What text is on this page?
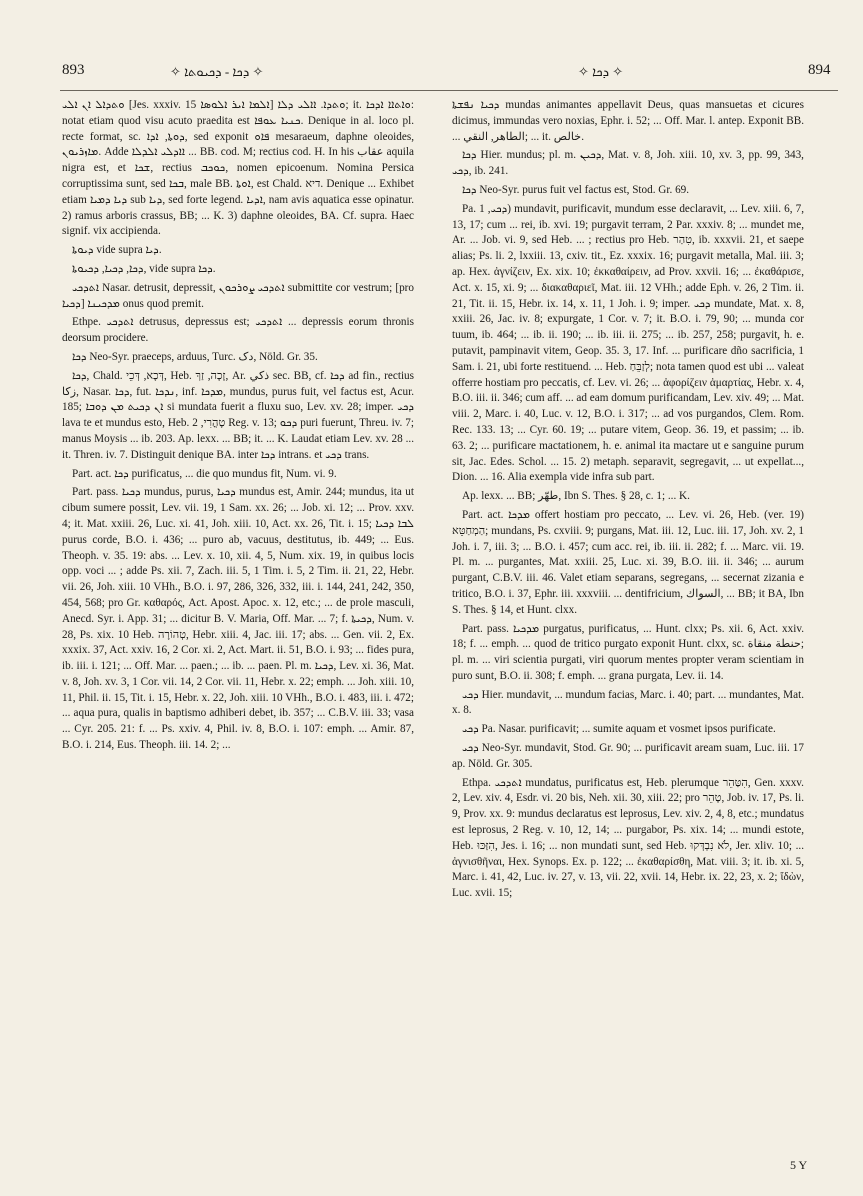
893	✧ ܕܟܐ - ܕܟܝܘܬܐ ✧	✧ ܕܟܐ ✧	894

ܘܬܕܐܠ ܐܢ ܐܠܝ [Jes. xxxiv. 15 ܐܠܡܐ ܐܝܪ ܐܠܘܣܐ] ܘܬܕܐ. ܐܐܠܝ ܕܠܐ; it. ܘܐܬܐܐ ܐܕܟܐ: notat etiam quod visu acuto praedita est ܟܢܝܐ ܥܘܦܐ. Denique in al. loco pl. recte format, sc. ܕܘܬܐ, ܐܕܐ, sed exponit ܦܐܘ mesaraeum, daphne oleoides, ܡܐܙܪܝܘܢ. Adde ܐܐܕܠܝ ܐܠܕܠܐ ... BB. cod. M; rectius cod. H. In his عقاب aquila nigra est, et ܫܟܐ, rectius ܟܘܟܒ, nomen epicoenum. Nomina Persica corruptissima sunt, sed ܒܟܐ, male BB. ܐܘܬܐ, est Chald. דיא. Denique ... Exhibet etiam ܕܝܐ ܕܡܝܐ sub ܕܝܐ, sed forte legend. ܐܕܝܐ, nam avis aquatica esse opinatur. 2) ramus arboris crassus, BB; ... K. 3) daphne oleoides, BA. Cf. supra. Haec signif. vix accipienda.

ܕܝܘܬܐ vide supra ܕܝܐ.

ܕܟܐ, ܕܟܝܐ, ܕܟܝܘܬܐ, vide supra ܕܟܐ.

ܐܬܕܟܝ Nasar. detrusit, depressit, ܐܬܕܟܝ ܨܘܪܟܘܢ submittite cor vestrum; [pro ܕܟܝܐ] ܡܕܟܝܢܐ onus quod premit.

Ethpe. ܐܬܕܟܝ detrusus, depressus est; ܐܬܕܟܝ ... depressis eorum thronis deorsum procidere.

ܕܟܐ Neo-Syr. praeceps, arduus, Turc. دک, Nöld. Gr. 35.

ܕܟܐ, Chald. דְּכָא, דְּכֵי, Heb. זָכָה, זַךְ, Ar. ذكي sec. BB, cf. ܕܟܐ ad fin., rectius زكا, Nasar. ܕܟܐ, fut. ܢܕܟܐ, inf. ܡܕܟܐ, mundus, purus fuit, vel factus est, Acur. 185; ܐܢ ܕܟܝܬ ܡܢ ܕܘܒܐ si mundata fuerit a fluxu suo, Lev. xv. 28; imper. ܕܟܝ lava te et mundus esto, Heb. טָהֳרִי, 2 Reg. v. 13; ܕܟܘ puri fuerunt, Threu. iv. 7; manus Moysis ... ib. 203. Ap. lexx. ... BB; it. ... K. Laudat etiam Lev. xv. 28 ... it. Thren. iv. 7. Distinguit denique BA. inter ܕܟܐ intrans. et ܕܟܝ trans.

Part. act. ܕܟܐ purificatus, ... die quo mundus fit, Num. vi. 9.

Part. pass. ܕܟܝܐ mundus, purus, ܕܟܝܐ mundus est, Amir. 244; mundus, ita ut cibum sumere possit, Lev. vii. 19, 1 Sam. xx. 26; ... Job. xi. 12; ... Prov. xxv. 4; it. Mat. xxiii. 26, Luc. xi. 41, Joh. xiii. 10, Act. xx. 26, Tit. i. 15; ܠܒܐ ܕܟܝܐ purus corde, B.O. i. 436; ... puro ab, vacuus, destitutus, ib. 449; ... Eus. Theoph. v. 35. 19: abs. ... Lev. x. 10, xii. 4, 5, Num. xix. 19, in quibus locis opp. voci ... ; adde Ps. xii. 7, Zach. iii. 5, 1 Tim. i. 5, 2 Tim. ii. 21, 22, Hebr. vii. 26, Joh. xiii. 10 VHh., B.O. i. 97, 286, 326, 332, iii. i. 144, 241, 242, 350, 454, 568; pro Gr. καθαρός, Act. Apost. Apoc. x. 12, etc.; ... de prole masculi, Anecd. Syr. i. App. 31; ... dicitur B. V. Maria, Off. Mar. ... 7; f. ܕܟܝܬܐ, Num. v. 28, Ps. xix. 10 Heb. טְהוֹרָה, Hebr. xiii. 4, Jac. iii. 17; abs. ... Gen. vii. 2, Ex. xxxix. 37, Act. xxiv. 16, 2 Cor. xi. 2, Act. Mart. ii. 51, B.O. i. 93; ... fides pura, ib. iii. i. 121; ... Off. Mar. ... paen.; ... ib. ... paen. Pl. m. ܕܟܝܐ, Lev. xi. 36, Mat. v. 8, Joh. xv. 3, 1 Cor. vii. 14, 2 Cor. vii. 11, Hebr. x. 22; emph. ... Joh. xiii. 10, 11, Phil. ii. 15, Tit. i. 15, Hebr. x. 22, Joh. xiii. 10 VHh., B.O. i. 483, iii. i. 472; ... aqua pura, qualis in baptismo adhiberi debet, ib. 357; ... C.B.V. iii. 33; vasa ... Cyr. 205. 21: f. ... Ps. xxiv. 4, Phil. iv. 8, B.O. i. 107: emph. ... Amir. 87, B.O. i. 214, Eus. Theoph. iii. 14. 2; ...

ܕܟܝܐ ܢܦܫܬܐ mundas animantes appellavit Deus, quas mansuetas et cicures dicimus, immundas vero noxias, Ephr. i. 52; ... Off. Mar. l. antep. Exponit BB. ... الطاهر, النقي; ... it. خالص.

ܕܟܐ Hier. mundus; pl. m. ܕܟܝܢ, Mat. v. 8, Joh. xiii. 10, xv. 3, pp. 99, 343, ܕܟܝ, ib. 241.

ܕܟܐ Neo-Syr. purus fuit vel factus est, Stod. Gr. 69.

Pa. ܕܟܝ, 1) mundavit, purificavit, mundum esse declaravit, ... Lev. xiii. 6, 7, 13, 17; cum ... rei, ib. xvi. 19; purgavit terram, 2 Par. xxxiv. 8; ... mundet me, Ar. ... Job. vi. 9, sed Heb. ... ; rectius pro Heb. טִהַר, ib. xxxvii. 21, et saepe alias; Ps. li. 2, lxxiii. 13, cxiv. tit., Ez. xxxix. 16; purgavit metalla, Mal. iii. 3; ap. Hex. ἁγνίζειν, Ex. xix. 10; ἐκκαθαίρειν, ad Prov. xxvii. 16; ... ἐκαθάρισε, Act. x. 15, xi. 9; ... διακαθαριεῖ, Mat. iii. 12 VHh.; adde Eph. v. 26, 2 Tim. ii. 21, Tit. ii. 15, Hebr. ix. 14, x. 11, 1 Joh. i. 9; imper. ܕܟܝ mundate, Mat. x. 8, xxiii. 26, Jac. iv. 8; expurgate, 1 Cor. v. 7; it. B.O. i. 79, 90; ... munda cor tuum, ib. 464; ... ib. ii. 190; ... ib. iii. ii. 275; ... ib. 257, 258; purgavit, h. e. putavit, pampinavit vitem, Geop. 35. 3, 17. Inf. ... purificare dño sacrificia, 1 Sam. i. 21, ubi forte restituend. ... Heb. לְזַבֵּחַ; nota tamen quod est ubi ... valeat offerre hostiam pro peccatis, cf. Lev. vi. 26; ... ἀφορίζειν ἁμαρτίας, Hebr. x. 4, B.O. iii. ii. 346; cum aff. ... ad eam domum purificandam, Lev. xiv. 49; ... Mat. viii. 2, Marc. i. 40, Luc. v. 12, B.O. i. 317; ... ad vos purgandos, Clem. Rom. Rec. 133. 13; ... Cyr. 60. 19; ... putare vitem, Geop. 36. 19, et passim; ... ib. 63. 2; ... purificare mactationem, h. e. animal ita mactare ut e sanguine purum sit, Jac. Edes. Schol. ... 15. 2) metaph. separavit, segregavit, ... ut expellat..., Dion. ... 16. Alia exempla vide infra sub part.

Ap. lexx. ... BB; طهّر, Ibn S. Thes. § 28, c. 1; ... K.

Part. act. ܡܕܟܐ offert hostiam pro peccato, ... Lev. vi. 26, Heb. (ver. 19) הַמְחַטֵּא; mundans, Ps. cxviii. 9; purgans, Mat. iii. 12, Luc. iii. 17, Joh. xv. 2, 1 Joh. i. 7, iii. 3; ... B.O. i. 457; cum acc. rei, ib. iii. ii. 282; f. ... Marc. vii. 19. Pl. m. ... purgantes, Mat. xxiii. 25, Luc. xi. 39, B.O. iii. ii. 346; ... aurum purgant, C.B.V. iii. 46. Valet etiam separans, segregans, ... secernat zizania e tritico, B.O. i. 37, Ephr. iii. xxxviii. ... dentifricium, السواك, ... BB; it BA, Ibn S. Thes. § 14, et Hunt. clxx.

Part. pass. ܡܕܟܝܐ purgatus, purificatus, ... Hunt. clxx; Ps. xii. 6, Act. xxiv. 18; f. ... emph. ... quod de tritico purgato exponit Hunt. clxx, sc. حنطة منقاة; pl. m. ... viri scientia purgati, viri quorum mentes propter veram scientiam in puro sunt, B.O. ii. 308; f. emph. ... grana purgata, Lev. ii. 14.

ܕܟܝ Hier. mundavit, ... mundum facias, Marc. i. 40; part. ... mundantes, Mat. x. 8.

ܕܟܝ Pa. Nasar. purificavit; ... sumite aquam et vosmet ipsos purificate.

ܕܟܝ Neo-Syr. mundavit, Stod. Gr. 90; ... purificavit aream suam, Luc. iii. 17 ap. Nöld. Gr. 305.

Ethpa. ܐܬܕܟܝ mundatus, purificatus est, Heb. plerumque הִטַּהֵר, Gen. xxxv. 2, Lev. xiv. 4, Esdr. vi. 20 bis, Neh. xii. 30, xiii. 22; pro טָהֵר, Job. iv. 17, Ps. li. 9, Prov. xx. 9: mundus declaratus est leprosus, Lev. xiv. 2, 4, 8, etc.; mundatus est leprosus, 2 Reg. v. 10, 12, 14; ... purgabor, Ps. xix. 14; ... mundi estote, Heb. הִזַּכּוּ, Jes. i. 16; ... non mundati sunt, sed Heb. לֹא נִבְדְּקוּ, Jer. xliv. 10; ... ἁγνισθῆναι, Hex. Synops. Ex. p. 122; ... ἐκαθαρίσθη, Mat. viii. 3; it. ib. xi. 5, Marc. i. 41, 42, Luc. iv. 27, v. 13, vii. 22, xvii. 14, Hebr. ix. 22, 23, x. 2; ἴδὼν, Luc. xvii. 15;

5 Y
